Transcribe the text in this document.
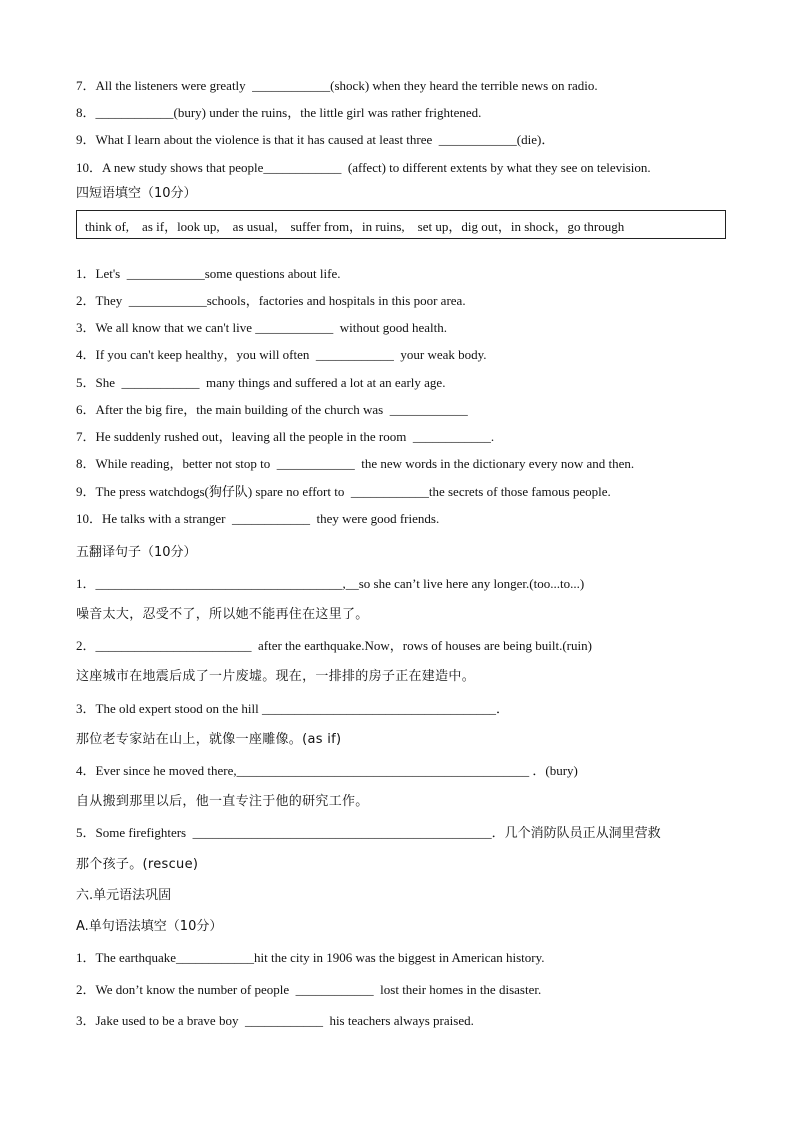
7．All the listeners were greatly  ____________(shock) when they heard the terrible news on radio.
8．____________(bury) under the ruins，the little girl was rather frightened.
9．What I learn about the violence is that it has caused at least three  ____________(die)．
10．A new study shows that people____________  (affect) to different extents by what they see on television.
四短语填空（10分）
think of,    as if，look up,    as usual,    suffer from，in ruins,    set up，dig out，in shock，go through
1．Let's  ____________some questions about life.
2．They  ____________schools，factories and hospitals in this poor area.
3．We all know that we can't live ____________  without good health.
4．If you can't keep healthy，you will often  ____________  your weak body.
5．She  ____________  many things and suffered a lot at an early age.
6．After the big fire，the main building of the church was  ____________
7．He suddenly rushed out，leaving all the people in the room  ____________.
8．While reading，better not stop to  ____________  the new words in the dictionary every now and then.
9．The press watchdogs(狗仔队) spare no effort to  ____________the secrets of those famous people.
10．He talks with a stranger  ____________  they were good friends.
五翻译句子（10分）
1．______________________________________,__so she can’t live here any longer.(too...to...)
噪音太大，忍受不了，所以她不能再住在这里了。
2．________________________  after the earthquake.Now，rows of houses are being built.(ruin)
这座城市在地震后成了一片废墟。现在，一排排的房子正在建造中。
3．The old expert stood on the hill ____________________________________．
那位老专家站在山上，就像一座雕像。(as if)
4．Ever since he moved there,_____________________________________________ ．(bury)
自从搬到那里以后，他一直专注于他的研究工作。
5．Some firefighters  ______________________________________________．几个消防队员正从洞里营救
那个孩子。(rescue)
六.单元语法巩固
A.单句语法填空（10分）
1．The earthquake____________hit the city in 1906 was the biggest in American history.
2．We don’t know the number of people  ____________  lost their homes in the disaster.
3．Jake used to be a brave boy  ____________  his teachers always praised.
